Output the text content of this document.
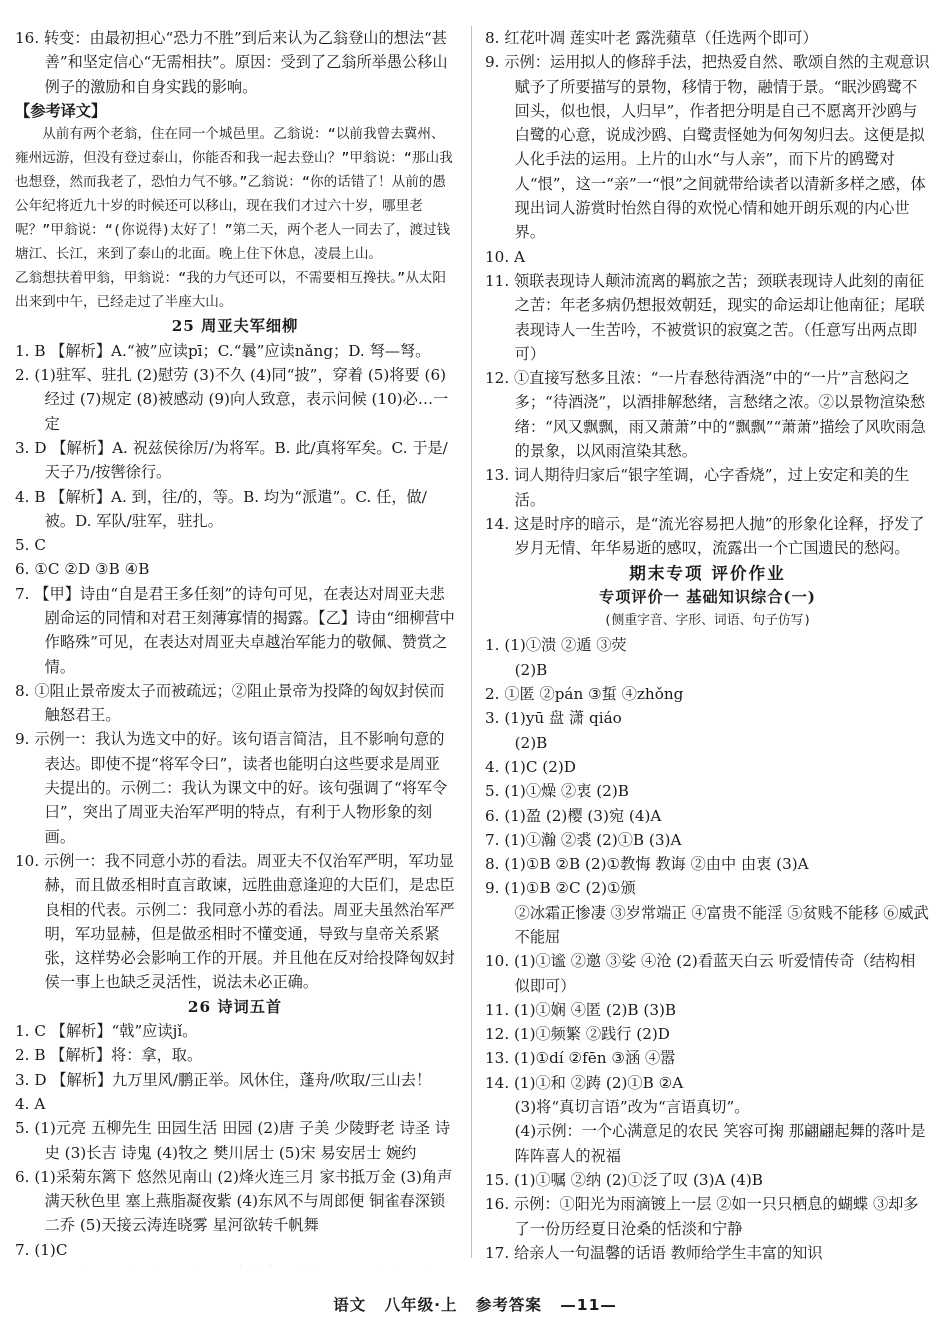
16. 转变：由最初担心“恐力不胜”到后来认为乙翁登山的想法“甚善”和坚定信心“无需相扶”。原因：受到了乙翁所举愚公移山例子的激励和自身实践的影响。

【参考译文】

从前有两个老翁，住在同一个城邑里。乙翁说：“以前我曾去冀州、雍州远游，但没有登过泰山，你能否和我一起去登山？”甲翁说：“那山我也想登，然而我老了，恐怕力气不够。”乙翁说：“你的话错了！从前的愚公年纪将近九十岁的时候还可以移山，现在我们才过六十岁，哪里老呢？”甲翁说：“(你说得)太好了！”第二天，两个老人一同去了，渡过钱塘江、长江，来到了泰山的北面。晚上住下休息，凌晨上山。

乙翁想扶着甲翁，甲翁说：“我的力气还可以，不需要相互搀扶。”从太阳出来到中午，已经走过了半座大山。

25 周亚夫军细柳

1. B 【解析】A.“被”应读pī；C.“曩”应读nǎng；D. 弩—弩。

2. (1)驻军、驻扎 (2)慰劳 (3)不久 (4)同“披”，穿着 (5)将要 (6)经过 (7)规定 (8)被感动 (9)向人致意，表示问候 (10)必…一定

3. D 【解析】A. 祝兹侯徐厉/为将军。B. 此/真将军矣。C. 于是/天子乃/按辔徐行。

4. B 【解析】A. 到，往/的，等。B. 均为“派遣”。C. 任，做/被。D. 军队/驻军，驻扎。

5. C

6. ①C ②D ③B ④B

7. 【甲】诗由“自是君王多任刻”的诗句可见，在表达对周亚夫悲剧命运的同情和对君王刻薄寡情的揭露。【乙】诗由“细柳营中作略殊”可见，在表达对周亚夫卓越治军能力的敬佩、赞赏之情。

8. ①阻止景帝废太子而被疏远；②阻止景帝为投降的匈奴封侯而触怒君王。

9. 示例一：我认为选文中的好。该句语言简洁，且不影响句意的表达。即使不提“将军令曰”，读者也能明白这些要求是周亚夫提出的。示例二：我认为课文中的好。该句强调了“将军令曰”，突出了周亚夫治军严明的特点，有利于人物形象的刻画。

10. 示例一：我不同意小苏的看法。周亚夫不仅治军严明，军功显赫，而且做丞相时直言敢谏，远胜曲意逢迎的大臣们，是忠臣良相的代表。示例二：我同意小苏的看法。周亚夫虽然治军严明，军功显赫，但是做丞相时不懂变通，导致与皇帝关系紧张，这样势必会影响工作的开展。并且他在反对给投降匈奴封侯一事上也缺乏灵活性，说法未必正确。

26 诗词五首

1. C 【解析】“戟”应读jǐ。

2. B 【解析】将：拿，取。

3. D 【解析】九万里风/鹏正举。风休住，蓬舟/吹取/三山去！

4. A

5. (1)元亮 五柳先生 田园生活 田园 (2)唐 子美 少陵野老 诗圣 诗史 (3)长吉 诗鬼 (4)牧之 樊川居士 (5)宋 易安居士 婉约

6. (1)采菊东篱下 悠然见南山 (2)烽火连三月 家书抵万金 (3)角声满天秋色里 塞上燕脂凝夜紫 (4)东风不与周郎便 铜雀春深锁二乔 (5)天接云涛连晓雾 星河欲转千帆舞

7. (1)C

8. 红花叶凋 莲实叶老 露洗蘋草（任选两个即可）

9. 示例：运用拟人的修辞手法，把热爱自然、歌颂自然的主观意识赋予了所要描写的景物，移情于物，融情于景。“眠沙鸥鹭不回头，似也恨，人归早”，作者把分明是自己不愿离开沙鸥与白鹭的心意，说成沙鸥、白鹭责怪她为何匆匆归去。这便是拟人化手法的运用。上片的山水“与人亲”，而下片的鸥鹭对人“恨”，这一“亲”一“恨”之间就带给读者以清新多样之感，体现出词人游赏时怡然自得的欢悦心情和她开朗乐观的内心世界。

10. A

11. 领联表现诗人颠沛流离的羁旅之苦；颈联表现诗人此刻的南征之苦：年老多病仍想报效朝廷，现实的命运却让他南征；尾联表现诗人一生苦吟，不被赏识的寂寞之苦。（任意写出两点即可）

12. ①直接写愁多且浓：“一片春愁待酒浇”中的“一片”言愁闷之多；“待酒浇”，以酒排解愁绪，言愁绪之浓。②以景物渲染愁绪：“风又飘飘，雨又萧萧”中的“飘飘”“萧萧”描绘了风吹雨急的景象，以风雨渲染其愁。

13. 词人期待归家后“银字笙调，心字香烧”，过上安定和美的生活。

14. 这是时序的暗示，是“流光容易把人抛”的形象化诠释，抒发了岁月无情、年华易逝的感叹，流露出一个亡国遗民的愁闷。

期末专项 评价作业

专项评价一 基础知识综合(一)

(侧重字音、字形、词语、句子仿写)

1. (1)①溃 ②遁 ③荧

(2)B

2. ①匿 ②pán ③蜇 ④zhǒng

3. (1)yū 盘 潇 qiáo

(2)B

4. (1)C (2)D

5. (1)①燥 ②衷 (2)B

6. (1)盈 (2)樱 (3)宛 (4)A

7. (1)①瀚 ②裘 (2)①B (3)A

8. (1)①B ②B (2)①教悔 教诲 ②由中 由衷 (3)A

9. (1)①B ②C (2)①颁

②冰霜正惨凄 ③岁常端正 ④富贵不能淫 ⑤贫贱不能移 ⑥威武不能屈

10. (1)①谧 ②邀 ③娑 ④沧 (2)看蓝天白云 听爱情传奇（结构相似即可）

11. (1)①娴 ④匿 (2)B (3)B

12. (1)①频繁 ②践行 (2)D

13. (1)①dí ②fēn ③涵 ④嚣

14. (1)①和 ②踌 (2)①B ②A

(3)将“真切言语”改为“言语真切”。

(4)示例：一个心满意足的农民 笑容可掬 那翩翩起舞的落叶是阵阵喜人的祝福

15. (1)①嘱 ②纳 (2)①泛了叹 (3)A (4)B

16. 示例：①阳光为雨滴镀上一层 ②如一只只栖息的蝴蝶 ③却多了一份历经夏日沧桑的恬淡和宁静

17. 给亲人一句温馨的话语 教师给学生丰富的知识

语文 八年级·上 参考答案 —11—
